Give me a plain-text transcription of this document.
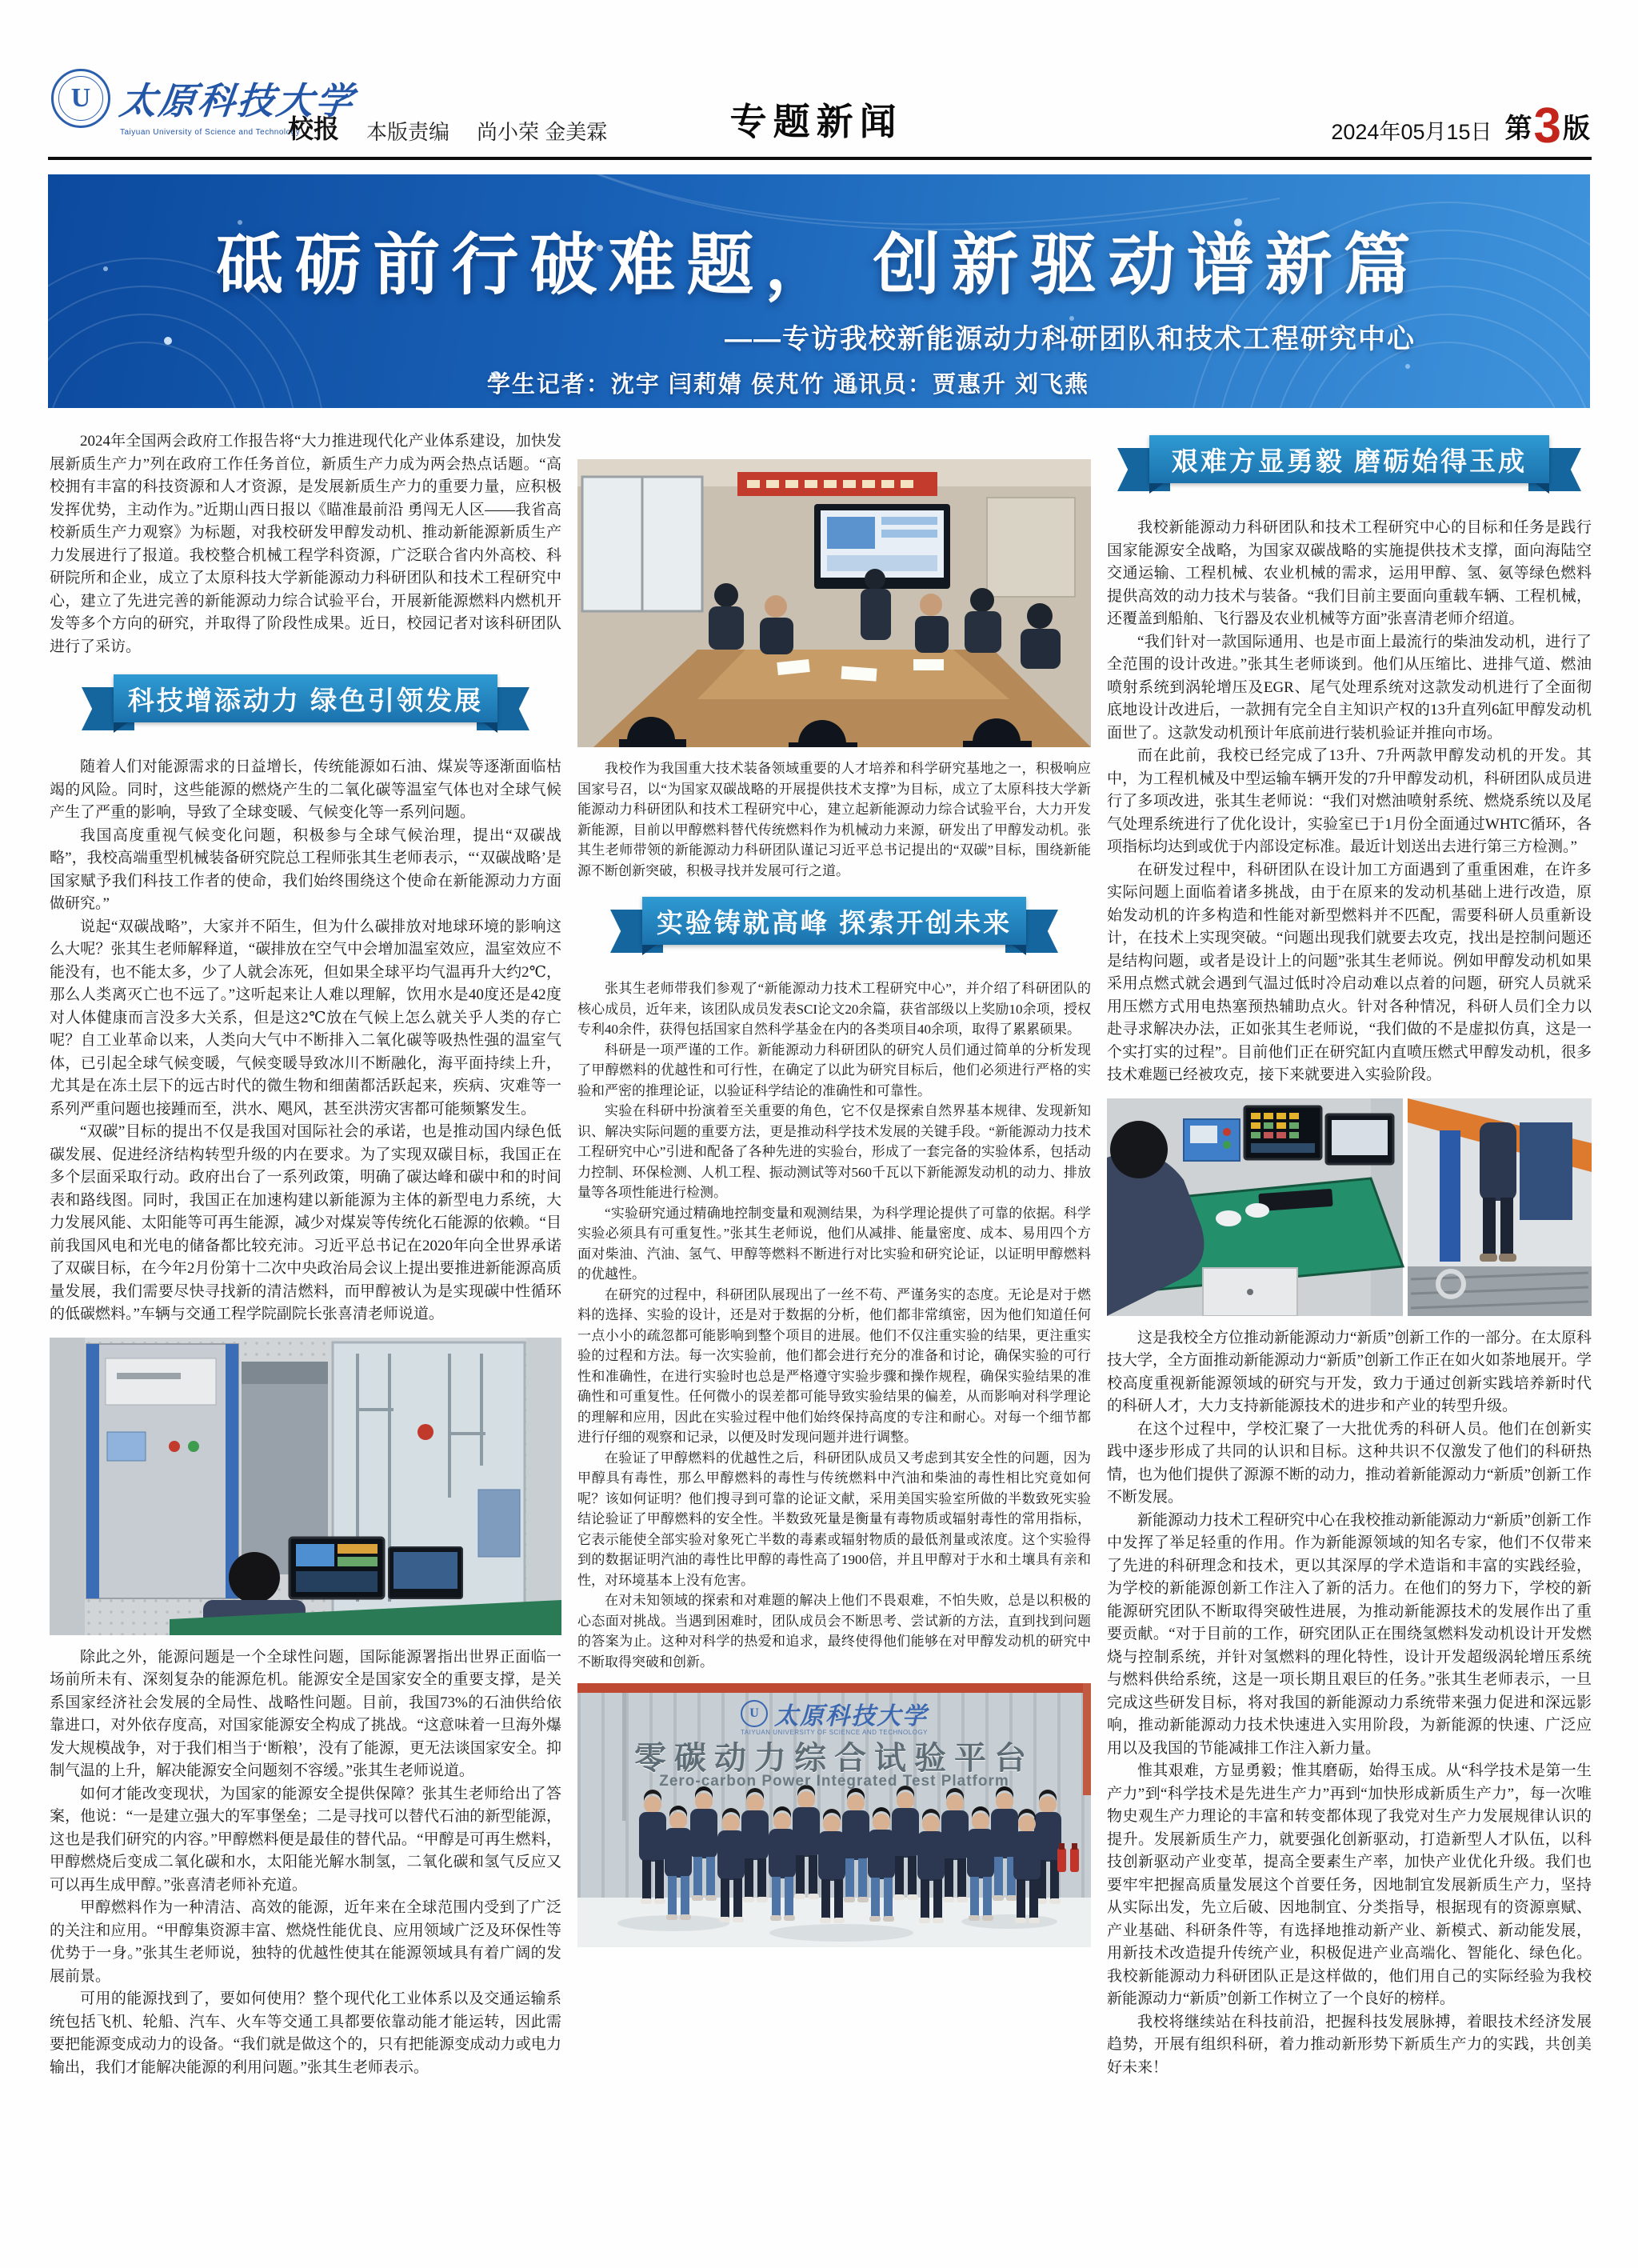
U 太原科技大学
Taiyuan University of Science and Technology
校报 本版责编 尚小荣 金美霖	专题新闻	2024年05月15日 第 3 版
砥砺前行破难题， 创新驱动谱新篇
——专访我校新能源动力科研团队和技术工程研究中心
学生记者：沈宇 闫莉婧 侯芃竹 通讯员：贾惠升 刘飞燕

2024年全国两会政府工作报告将“大力推进现代化产业体系建设，加快发展新质生产力”列在政府工作任务首位，新质生产力成为两会热点话题。“高校拥有丰富的科技资源和人才资源，是发展新质生产力的重要力量，应积极发挥优势，主动作为。”近期山西日报以《瞄准最前沿 勇闯无人区——我省高校新质生产力观察》为标题，对我校研发甲醇发动机、推动新能源新质生产力发展进行了报道。我校整合机械工程学科资源，广泛联合省内外高校、科研院所和企业，成立了太原科技大学新能源动力科研团队和技术工程研究中心，建立了先进完善的新能源动力综合试验平台，开展新能源燃料内燃机开发等多个方向的研究，并取得了阶段性成果。近日，校园记者对该科研团队进行了采访。

科技增添动力 绿色引领发展

随着人们对能源需求的日益增长，传统能源如石油、煤炭等逐渐面临枯竭的风险。同时，这些能源的燃烧产生的二氧化碳等温室气体也对全球气候产生了严重的影响，导致了全球变暖、气候变化等一系列问题。

我国高度重视气候变化问题，积极参与全球气候治理，提出“双碳战略”，我校高端重型机械装备研究院总工程师张其生老师表示，“‘双碳战略’是国家赋予我们科技工作者的使命，我们始终围绕这个使命在新能源动力方面做研究。”

说起“双碳战略”，大家并不陌生，但为什么碳排放对地球环境的影响这么大呢？张其生老师解释道，“碳排放在空气中会增加温室效应，温室效应不能没有，也不能太多，少了人就会冻死，但如果全球平均气温再升大约2℃，那么人类离灭亡也不远了。”这听起来让人难以理解，饮用水是40度还是42度对人体健康而言没多大关系，但是这2℃放在气候上怎么就关乎人类的存亡呢？自工业革命以来，人类向大气中不断排入二氧化碳等吸热性强的温室气体，已引起全球气候变暖，气候变暖导致冰川不断融化，海平面持续上升，尤其是在冻土层下的远古时代的微生物和细菌都活跃起来，疾病、灾难等一系列严重问题也接踵而至，洪水、飓风，甚至洪涝灾害都可能频繁发生。

“双碳”目标的提出不仅是我国对国际社会的承诺，也是推动国内绿色低碳发展、促进经济结构转型升级的内在要求。为了实现双碳目标，我国正在多个层面采取行动。政府出台了一系列政策，明确了碳达峰和碳中和的时间表和路线图。同时，我国正在加速构建以新能源为主体的新型电力系统，大力发展风能、太阳能等可再生能源，减少对煤炭等传统化石能源的依赖。“目前我国风电和光电的储备都比较充沛。习近平总书记在2020年向全世界承诺了双碳目标，在今年2月份第十二次中央政治局会议上提出要推进新能源高质量发展，我们需要尽快寻找新的清洁燃料，而甲醇被认为是实现碳中性循环的低碳燃料。”车辆与交通工程学院副院长张喜清老师说道。

除此之外，能源问题是一个全球性问题，国际能源署指出世界正面临一场前所未有、深刻复杂的能源危机。能源安全是国家安全的重要支撑，是关系国家经济社会发展的全局性、战略性问题。目前，我国73%的石油供给依靠进口，对外依存度高，对国家能源安全构成了挑战。“这意味着一旦海外爆发大规模战争，对于我们相当于‘断粮’，没有了能源，更无法谈国家安全。抑制气温的上升，解决能源安全问题刻不容缓。”张其生老师说道。

如何才能改变现状，为国家的能源安全提供保障？张其生老师给出了答案，他说：“一是建立强大的军事堡垒；二是寻找可以替代石油的新型能源，这也是我们研究的内容。”甲醇燃料便是最佳的替代品。“甲醇是可再生燃料，甲醇燃烧后变成二氧化碳和水，太阳能光解水制氢，二氧化碳和氢气反应又可以再生成甲醇。”张喜清老师补充道。

甲醇燃料作为一种清洁、高效的能源，近年来在全球范围内受到了广泛的关注和应用。“甲醇集资源丰富、燃烧性能优良、应用领域广泛及环保性等优势于一身。”张其生老师说，独特的优越性使其在能源领域具有着广阔的发展前景。

可用的能源找到了，要如何使用？整个现代化工业体系以及交通运输系统包括飞机、轮船、汽车、火车等交通工具都要依靠动能才能运转，因此需要把能源变成动力的设备。“我们就是做这个的，只有把能源变成动力或电力输出，我们才能解决能源的利用问题。”张其生老师表示。

我校作为我国重大技术装备领域重要的人才培养和科学研究基地之一，积极响应国家号召，以“为国家双碳战略的开展提供技术支撑”为目标，成立了太原科技大学新能源动力科研团队和技术工程研究中心，建立起新能源动力综合试验平台，大力开发新能源，目前以甲醇燃料替代传统燃料作为机械动力来源，研发出了甲醇发动机。张其生老师带领的新能源动力科研团队谨记习近平总书记提出的“双碳”目标，围绕新能源不断创新突破，积极寻找并发展可行之道。

实验铸就高峰 探索开创未来

张其生老师带我们参观了“新能源动力技术工程研究中心”，并介绍了科研团队的核心成员，近年来，该团队成员发表SCI论文20余篇，获省部级以上奖励10余项，授权专利40余件，获得包括国家自然科学基金在内的各类项目40余项，取得了累累硕果。

科研是一项严谨的工作。新能源动力科研团队的研究人员们通过简单的分析发现了甲醇燃料的优越性和可行性，在确定了以此为研究目标后，他们必须进行严格的实验和严密的推理论证，以验证科学结论的准确性和可靠性。

实验在科研中扮演着至关重要的角色，它不仅是探索自然界基本规律、发现新知识、解决实际问题的重要方法，更是推动科学技术发展的关键手段。“新能源动力技术工程研究中心”引进和配备了各种先进的实验台，形成了一套完备的实验体系，包括动力控制、环保检测、人机工程、振动测试等对560千瓦以下新能源发动机的动力、排放量等各项性能进行检测。

“实验研究通过精确地控制变量和观测结果，为科学理论提供了可靠的依据。科学实验必须具有可重复性。”张其生老师说，他们从减排、能量密度、成本、易用四个方面对柴油、汽油、氢气、甲醇等燃料不断进行对比实验和研究论证，以证明甲醇燃料的优越性。

在研究的过程中，科研团队展现出了一丝不苟、严谨务实的态度。无论是对于燃料的选择、实验的设计，还是对于数据的分析，他们都非常缜密，因为他们知道任何一点小小的疏忽都可能影响到整个项目的进展。他们不仅注重实验的结果，更注重实验的过程和方法。每一次实验前，他们都会进行充分的准备和讨论，确保实验的可行性和准确性，在进行实验时也总是严格遵守实验步骤和操作规程，确保实验结果的准确性和可重复性。任何微小的误差都可能导致实验结果的偏差，从而影响对科学理论的理解和应用，因此在实验过程中他们始终保持高度的专注和耐心。对每一个细节都进行仔细的观察和记录，以便及时发现问题并进行调整。

在验证了甲醇燃料的优越性之后，科研团队成员又考虑到其安全性的问题，因为甲醇具有毒性，那么甲醇燃料的毒性与传统燃料中汽油和柴油的毒性相比究竟如何呢？该如何证明？他们搜寻到可靠的论证文献，采用美国实验室所做的半数致死实验结论验证了甲醇燃料的安全性。半数致死量是衡量有毒物质或辐射毒性的常用指标，它表示能使全部实验对象死亡半数的毒素或辐射物质的最低剂量或浓度。这个实验得到的数据证明汽油的毒性比甲醇的毒性高了1900倍，并且甲醇对于水和土壤具有亲和性，对环境基本上没有危害。

在对未知领域的探索和对难题的解决上他们不畏艰难，不怕失败，总是以积极的心态面对挑战。当遇到困难时，团队成员会不断思考、尝试新的方法，直到找到问题的答案为止。这种对科学的热爱和追求，最终使得他们能够在对甲醇发动机的研究中不断取得突破和创新。

U 太原科技大学
TAIYUAN UNIVERSITY OF SCIENCE AND TECHNOLOGY
零碳动力综合试验平台
Zero-carbon Power Integrated Test Platform
艰难方显勇毅 磨砺始得玉成

我校新能源动力科研团队和技术工程研究中心的目标和任务是践行国家能源安全战略，为国家双碳战略的实施提供技术支撑，面向海陆空交通运输、工程机械、农业机械的需求，运用甲醇、氢、氨等绿色燃料提供高效的动力技术与装备。“我们目前主要面向重载车辆、工程机械，还覆盖到船舶、飞行器及农业机械等方面”张喜清老师介绍道。

“我们针对一款国际通用、也是市面上最流行的柴油发动机，进行了全范围的设计改进。”张其生老师谈到。他们从压缩比、进排气道、燃油喷射系统到涡轮增压及EGR、尾气处理系统对这款发动机进行了全面彻底地设计改进后，一款拥有完全自主知识产权的13升直列6缸甲醇发动机面世了。这款发动机预计年底前进行装机验证并推向市场。

而在此前，我校已经完成了13升、7升两款甲醇发动机的开发。其中，为工程机械及中型运输车辆开发的7升甲醇发动机，科研团队成员进行了多项改进，张其生老师说：“我们对燃油喷射系统、燃烧系统以及尾气处理系统进行了优化设计，实验室已于1月份全面通过WHTC循环，各项指标均达到或优于内部设定标准。最近计划送出去进行第三方检测。”

在研发过程中，科研团队在设计加工方面遇到了重重困难，在许多实际问题上面临着诸多挑战，由于在原来的发动机基础上进行改造，原始发动机的许多构造和性能对新型燃料并不匹配，需要科研人员重新设计，在技术上实现突破。“问题出现我们就要去攻克，找出是控制问题还是结构问题，或者是设计上的问题”张其生老师说。例如甲醇发动机如果采用点燃式就会遇到气温过低时冷启动难以点着的问题，研究人员就采用压燃方式用电热塞预热辅助点火。针对各种情况，科研人员们全力以赴寻求解决办法，正如张其生老师说，“我们做的不是虚拟仿真，这是一个实打实的过程”。目前他们正在研究缸内直喷压燃式甲醇发动机，很多技术难题已经被攻克，接下来就要进入实验阶段。

这是我校全方位推动新能源动力“新质”创新工作的一部分。在太原科技大学，全方面推动新能源动力“新质”创新工作正在如火如荼地展开。学校高度重视新能源领域的研究与开发，致力于通过创新实践培养新时代的科研人才，大力支持新能源技术的进步和产业的转型升级。

在这个过程中，学校汇聚了一大批优秀的科研人员。他们在创新实践中逐步形成了共同的认识和目标。这种共识不仅激发了他们的科研热情，也为他们提供了源源不断的动力，推动着新能源动力“新质”创新工作不断发展。

新能源动力技术工程研究中心在我校推动新能源动力“新质”创新工作中发挥了举足轻重的作用。作为新能源领域的知名专家，他们不仅带来了先进的科研理念和技术，更以其深厚的学术造诣和丰富的实践经验，为学校的新能源创新工作注入了新的活力。在他们的努力下，学校的新能源研究团队不断取得突破性进展，为推动新能源技术的发展作出了重要贡献。“对于目前的工作，研究团队正在围绕氢燃料发动机设计开发燃烧与控制系统，并针对氢燃料的理化特性，设计开发超级涡轮增压系统与燃料供给系统，这是一项长期且艰巨的任务。”张其生老师表示，一旦完成这些研发目标，将对我国的新能源动力系统带来强力促进和深远影响，推动新能源动力技术快速进入实用阶段，为新能源的快速、广泛应用以及我国的节能减排工作注入新力量。

惟其艰难，方显勇毅；惟其磨砺，始得玉成。从“科学技术是第一生产力”到“科学技术是先进生产力”再到“加快形成新质生产力”，每一次唯物史观生产力理论的丰富和转变都体现了我党对生产力发展规律认识的提升。发展新质生产力，就要强化创新驱动，打造新型人才队伍，以科技创新驱动产业变革，提高全要素生产率，加快产业优化升级。我们也要牢牢把握高质量发展这个首要任务，因地制宜发展新质生产力，坚持从实际出发，先立后破、因地制宜、分类指导，根据现有的资源禀赋、产业基础、科研条件等，有选择地推动新产业、新模式、新动能发展，用新技术改造提升传统产业，积极促进产业高端化、智能化、绿色化。我校新能源动力科研团队正是这样做的，他们用自己的实际经验为我校新能源动力“新质”创新工作树立了一个良好的榜样。

我校将继续站在科技前沿，把握科技发展脉搏，着眼技术经济发展趋势，开展有组织科研，着力推动新形势下新质生产力的实践，共创美好未来！
